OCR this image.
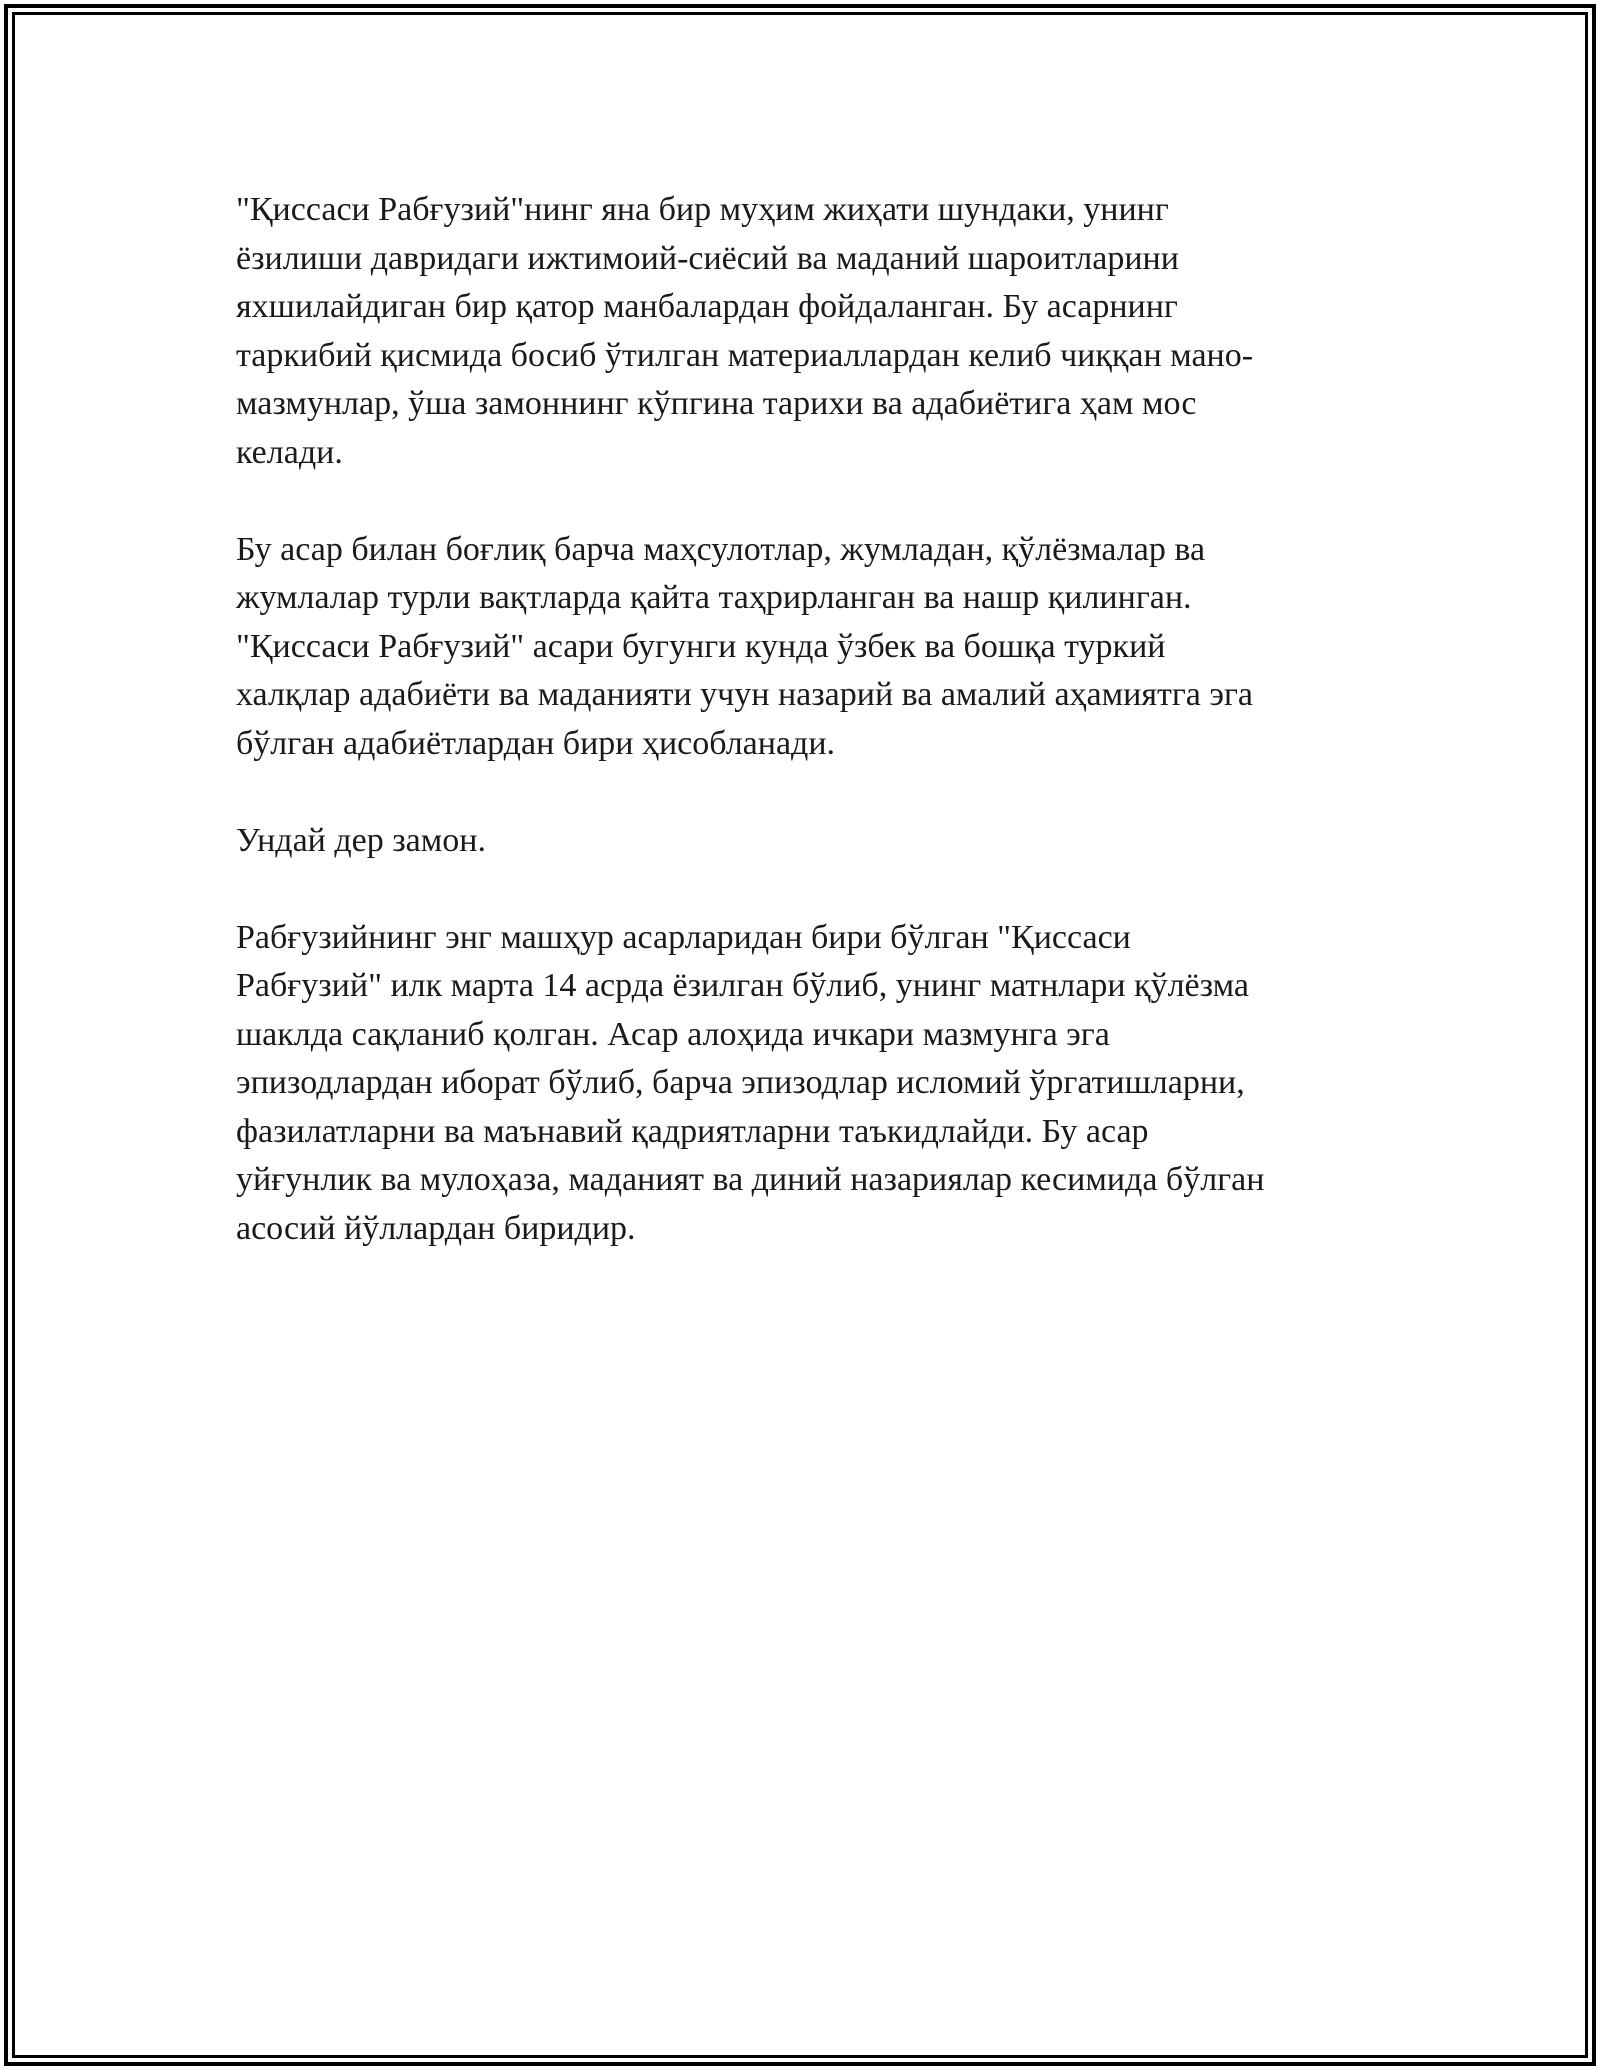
"Қиссаси Рабғузий"нинг яна бир муҳим жиҳати шундаки, унинг
ёзилиши давридаги ижтимоий-сиёсий ва маданий шароитларини
яхшилайдиган бир қатор манбалардан фойдаланган. Бу асарнинг
таркибий қисмида босиб ўтилган материаллардан келиб чиққан мано-
мазмунлар, ўша замоннинг кўпгина тарихи ва адабиётига ҳам мос
келади.

Бу асар билан боғлиқ барча маҳсулотлар, жумладан, қўлёзмалар ва
жумлалар турли вақтларда қайта таҳрирланган ва нашр қилинган.
"Қиссаси Рабғузий" асари бугунги кунда ўзбек ва бошқа туркий
халқлар адабиёти ва маданияти учун назарий ва амалий аҳамиятга эга
бўлган адабиётлардан бири ҳисобланади.

Ундай дер замон.

Рабғузийнинг энг машҳур асарларидан бири бўлган "Қиссаси
Рабғузий" илк марта 14 асрда ёзилган бўлиб, унинг матнлари қўлёзма
шаклда сақланиб қолган. Асар алоҳида ичкари мазмунга эга
эпизодлардан иборат бўлиб, барча эпизодлар исломий ўргатишларни,
фазилатларни ва маънавий қадриятларни таъкидлайди. Бу асар
уйғунлик ва мулоҳаза, маданият ва диний назариялар кесимида бўлган
асосий йўллардан биридир.
